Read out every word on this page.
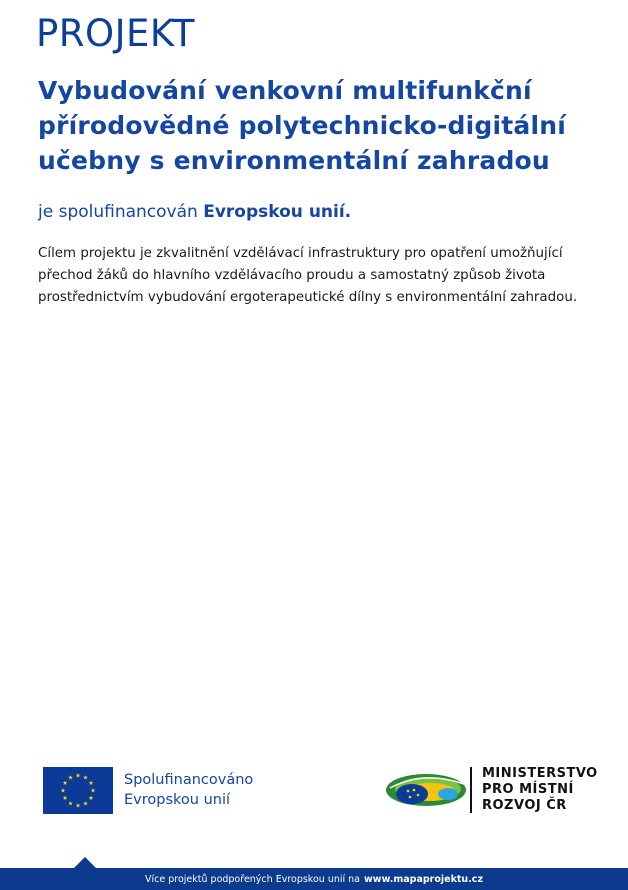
PROJEKT
Vybudování venkovní multifunkční přírodovědné polytechnicko-digitální učebny s environmentální zahradou
je spolufinancován Evropskou unií.
Cílem projektu je zkvalitnění vzdělávací infrastruktury pro opatření umožňující přechod žáků do hlavního vzdělávacího proudu a samostatný způsob života prostřednictvím vybudování ergoterapeutické dílny s environmentální zahradou.
Spolufinancováno
Evropskou unií
MINISTERSTVO
PRO MÍSTNÍ
ROZVOJ ČR
Více projektů podpořených Evropskou unií na www.mapaprojektu.cz
